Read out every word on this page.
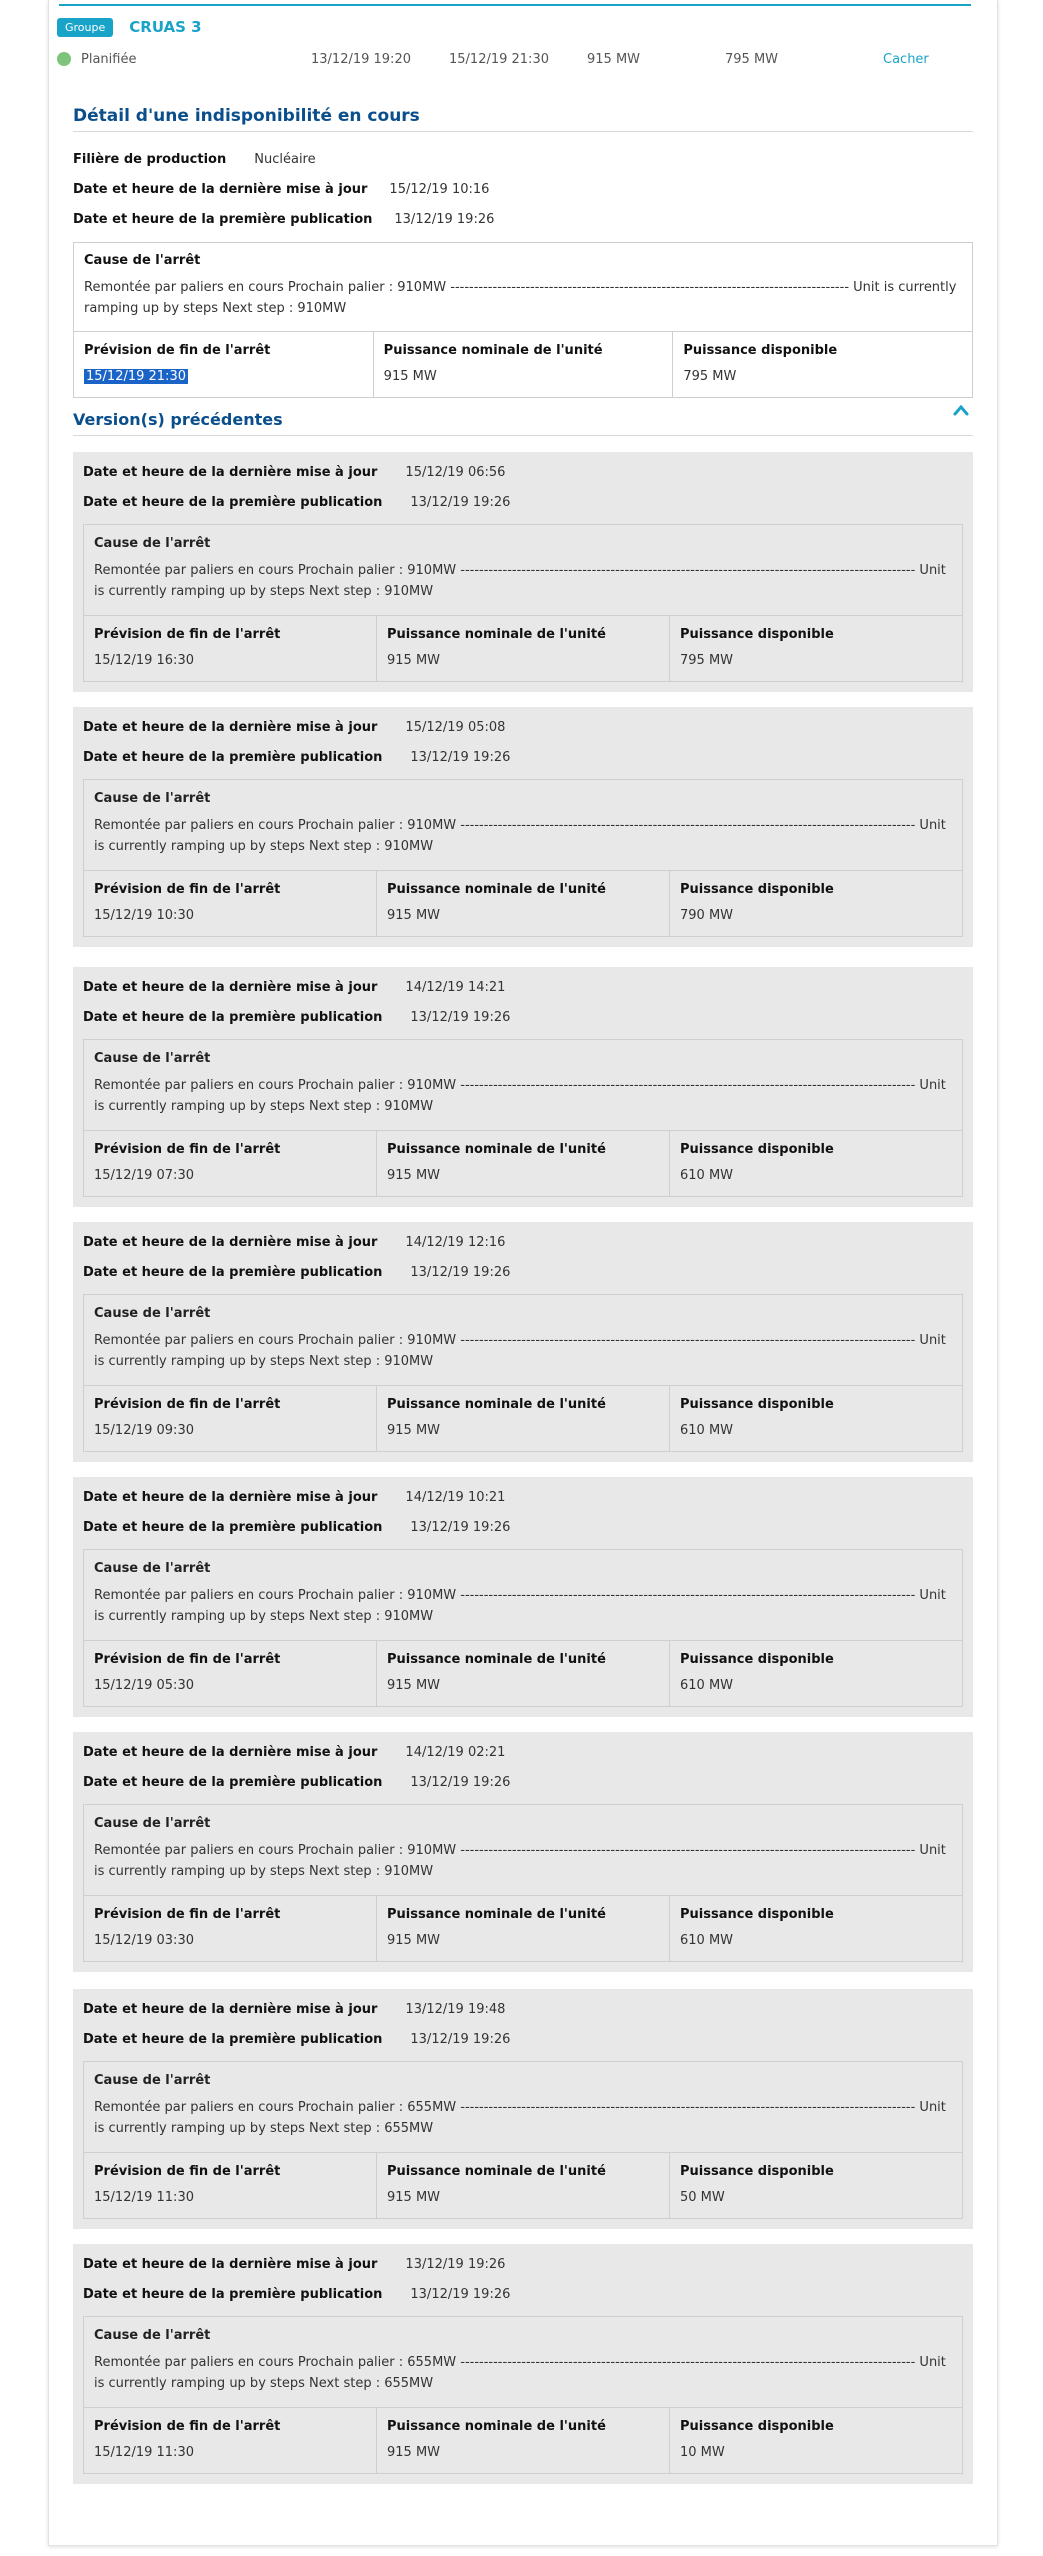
Groupe	CRUAS 3
Planifiée	13/12/19 19:20	15/12/19 21:30	915 MW	795 MW	Cacher
Détail d'une indisponibilité en cours
Filière de production Nucléaire
Date et heure de la dernière mise à jour 15/12/19 10:16
Date et heure de la première publication 13/12/19 19:26
Cause de l'arrêt
Remontée par paliers en cours Prochain palier : 910MW ------------------------------------------------------------------------------------- Unit is currently ramping up by steps Next step : 910MW
Prévision de fin de l'arrêt
15/12/19 21:30
Puissance nominale de l'unité
915 MW
Puissance disponible
795 MW
Version(s) précédentes
Date et heure de la dernière mise à jour 15/12/19 06:56
Date et heure de la première publication 13/12/19 19:26
Cause de l'arrêt
Remontée par paliers en cours Prochain palier : 910MW ------------------------------------------------------------------------------------------------- Unit is currently ramping up by steps Next step : 910MW
Prévision de fin de l'arrêt
15/12/19 16:30
Puissance nominale de l'unité
915 MW
Puissance disponible
795 MW
Date et heure de la dernière mise à jour 15/12/19 05:08
Date et heure de la première publication 13/12/19 19:26
Cause de l'arrêt
Remontée par paliers en cours Prochain palier : 910MW ------------------------------------------------------------------------------------------------- Unit is currently ramping up by steps Next step : 910MW
Prévision de fin de l'arrêt
15/12/19 10:30
Puissance nominale de l'unité
915 MW
Puissance disponible
790 MW
Date et heure de la dernière mise à jour 14/12/19 14:21
Date et heure de la première publication 13/12/19 19:26
Cause de l'arrêt
Remontée par paliers en cours Prochain palier : 910MW ------------------------------------------------------------------------------------------------- Unit is currently ramping up by steps Next step : 910MW
Prévision de fin de l'arrêt
15/12/19 07:30
Puissance nominale de l'unité
915 MW
Puissance disponible
610 MW
Date et heure de la dernière mise à jour 14/12/19 12:16
Date et heure de la première publication 13/12/19 19:26
Cause de l'arrêt
Remontée par paliers en cours Prochain palier : 910MW ------------------------------------------------------------------------------------------------- Unit is currently ramping up by steps Next step : 910MW
Prévision de fin de l'arrêt
15/12/19 09:30
Puissance nominale de l'unité
915 MW
Puissance disponible
610 MW
Date et heure de la dernière mise à jour 14/12/19 10:21
Date et heure de la première publication 13/12/19 19:26
Cause de l'arrêt
Remontée par paliers en cours Prochain palier : 910MW ------------------------------------------------------------------------------------------------- Unit is currently ramping up by steps Next step : 910MW
Prévision de fin de l'arrêt
15/12/19 05:30
Puissance nominale de l'unité
915 MW
Puissance disponible
610 MW
Date et heure de la dernière mise à jour 14/12/19 02:21
Date et heure de la première publication 13/12/19 19:26
Cause de l'arrêt
Remontée par paliers en cours Prochain palier : 910MW ------------------------------------------------------------------------------------------------- Unit is currently ramping up by steps Next step : 910MW
Prévision de fin de l'arrêt
15/12/19 03:30
Puissance nominale de l'unité
915 MW
Puissance disponible
610 MW
Date et heure de la dernière mise à jour 13/12/19 19:48
Date et heure de la première publication 13/12/19 19:26
Cause de l'arrêt
Remontée par paliers en cours Prochain palier : 655MW ------------------------------------------------------------------------------------------------- Unit is currently ramping up by steps Next step : 655MW
Prévision de fin de l'arrêt
15/12/19 11:30
Puissance nominale de l'unité
915 MW
Puissance disponible
50 MW
Date et heure de la dernière mise à jour 13/12/19 19:26
Date et heure de la première publication 13/12/19 19:26
Cause de l'arrêt
Remontée par paliers en cours Prochain palier : 655MW ------------------------------------------------------------------------------------------------- Unit is currently ramping up by steps Next step : 655MW
Prévision de fin de l'arrêt
15/12/19 11:30
Puissance nominale de l'unité
915 MW
Puissance disponible
10 MW
